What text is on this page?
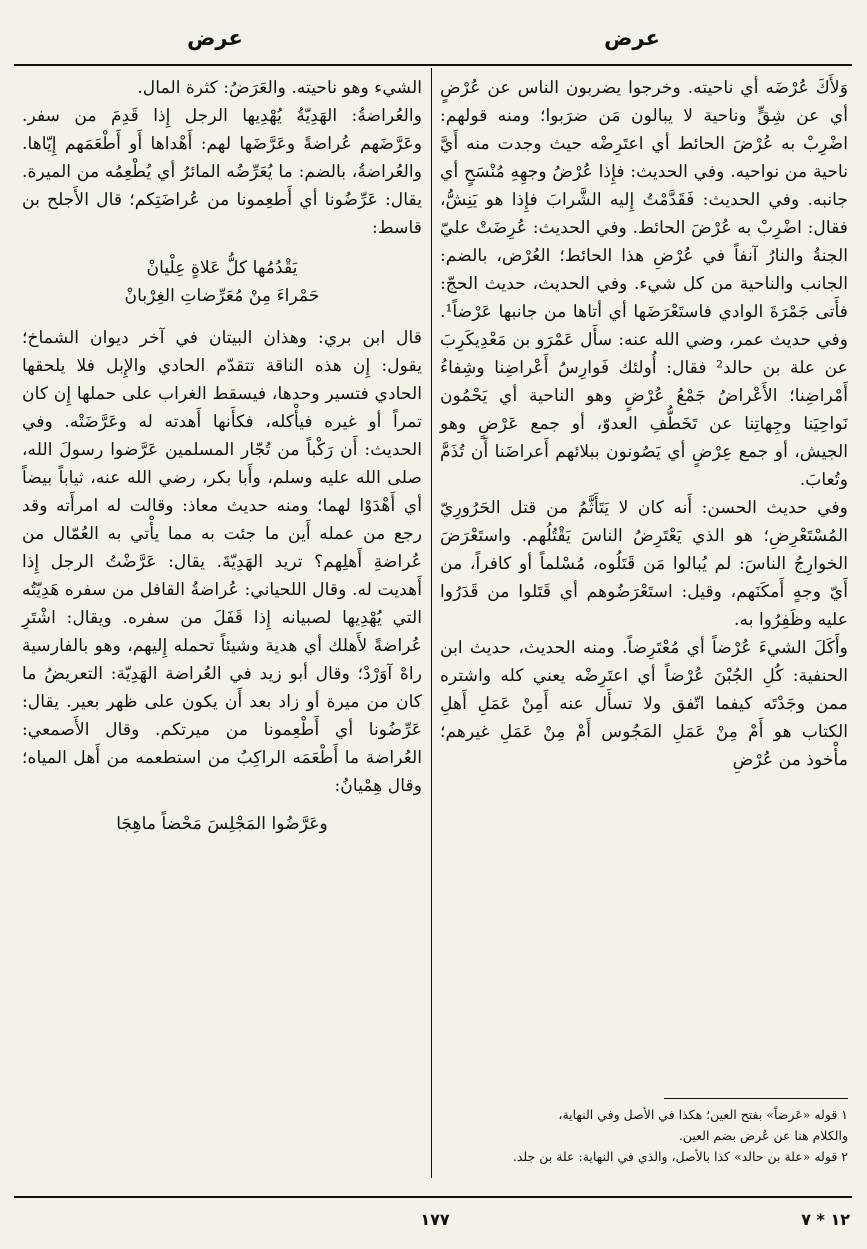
عرض
عرض

وَلأَكَ عُرْضَه أي ناحيته. وخرجوا يضربون الناس عن عُرْضٍ أي عن شِقٍّ وناحية لا يبالون مَن ضرَبوا؛ ومنه قولهم: اضْرِبْ به عُرْضَ الحائط أي اعتَرِضْه حيث وجدت منه أَيَّ ناحية من نواحيه. وفي الحديث: فإِذا عُرْضُ وجهِهِ مُنْسَحٍ أي جانبه. وفي الحديث: فَقَدَّمْتُ إِليه الشَّرابَ فإِذا هو يَنِشُّ، فقال: اضْرِبْ به عُرْضَ الحائط. وفي الحديث: عُرِضَتْ عليّ الجنةُ والنارُ آنفاً في عُرْضِ هذا الحائط؛ العُرْض، بالضم: الجانب والناحية من كل شيء. وفي الحديث، حديث الحجّ: فأَتى جَمْرَةَ الوادي فاستَعْرَضَها أي أتاها من جانبها عَرْضاً¹. وفي حديث عمر، وضي الله عنه: سأَل عَمْرَو بن مَعْدِيكَرِبَ عن علة بن حالد² فقال: أُولئك فَوارِسُ أَعْراضِنا وشِفاءُ أَمْراضِنا؛ الأَعْراضُ جَمْعُ عُرْضٍ وهو الناحية أي يَحْمُون نَواحِيَنا وجِهاتِنا عن تَخَطُّفِ العدوّ، أو جمع عَرْضٍ وهو الجيش، أو جمع عِرْضٍ أي يَصُونون ببلائهم أَعراضَنا أَن تُذَمَّ وتُعابَ.

وفي حديث الحسن: أَنه كان لا يَتَأَثَّمُ من قتل الحَرُورِيّ المُسْتَعْرِضِ؛ هو الذي يَعْتَرِضُ الناسَ يَقْتُلُهم. واستَعْرَضَ الخوارِجُ الناسَ: لم يُبالوا مَن قَتَلُوه، مُسْلماً أو كافراً، من أَيّ وجهٍ أَمكَنَهم، وقيل: استَعْرَضُوهم أي قَتَلوا من قَدَرُوا عليه وظَفِرُوا به.

وأَكَلَ الشيءَ عُرْضاً أي مُعْتَرِضاً. ومنه الحديث، حديث ابن الحنفية: كُلِ الجُبْنَ عُرْضاً أي اعتَرِضْه يعني كله واشتره ممن وجَدْتَه كيفما اتّفق ولا تسأَل عنه أَمِنْ عَمَلِ أَهلِ الكتاب هو أَمْ مِنْ عَمَلِ المَجُوس أَمْ مِنْ عَمَلِ غيرهم؛ مأْخوذ من عُرْضِ

١ قوله «عَرضاً» بفتح العين؛ هكذا في الأصل وفي النهاية،
والكلام هنا عن عُرض بضم العين.
٢ قوله «علة بن حالد» كذا بالأصل، والذي في النهاية: علة بن جلد.

الشيء وهو ناحيته. والعَرَضُ: كثرة المال.

والعُراضةُ: الهَدِيّةُ يُهْدِيها الرجل إِذا قَدِمَ من سفر. وعَرَّضَهم عُراضةً وعَرَّضَها لهم: أَهْداها أَو أَطْعَمَهم إِيّاها. والعُراضةُ، بالضم: ما يُعَرِّضُه المائرُ أي يُطْعِمُه من الميرة. يقال: عَرِّضُونا أي أَطعِمونا من عُراضَتِكم؛ قال الأَجلح بن قاسط:

يَقْدُمُها كلُّ عَلاةٍ عِلْيانْ
حَمْراءَ مِنْ مُعَرِّضاتِ الغِرْبانْ

قال ابن بري: وهذان البيتان في آخر ديوان الشماخ؛ يقول: إِن هذه الناقة تتقدّم الحادي والإِبل فلا يلحقها الحادي فتسير وحدها، فيسقط الغراب على حملها إِن كان تمراً أو غيره فيأْكله، فكأَنها أَهدته له وعَرَّضَتْه. وفي الحديث: أَن رَكْباً من تُجّار المسلمين عَرَّضوا رسولَ الله، صلى الله عليه وسلم، وأَبا بكر، رضي الله عنه، ثياباً بيضاً أي أَهْدَوْا لهما؛ ومنه حديث معاذ: وقالت له امرأَته وقد رجع من عمله أَين ما جئت به مما يأْتي به العُمّال من عُراضةِ أَهلِهم؟ تريد الهَدِيّةَ. يقال: عَرَّضْتُ الرجل إِذا أَهديت له. وقال اللحياني: عُراضةُ القافل من سفره هَدِيّتُه التي يُهْدِيها لصبيانه إِذا قَفَلَ من سفره. ويقال: اشْتَرِ عُراضةً لأَهلك أي هدية وشيئاً تحمله إِليهم، وهو بالفارسية راهْ آوَرْدْ؛ وقال أبو زيد في العُراضة الهَدِيّة: التعريضُ ما كان من ميرة أو زاد بعد أَن يكون على ظهر بعير. يقال: عَرِّضُونا أي أَطْعِمونا من ميرتكم. وقال الأَصمعي: العُراضة ما أَطْعَمَه الراكِبُ من استطعمه من أَهل المياه؛ وقال هِمْيانُ:

وعَرَّضُوا المَجْلِسَ مَحْضاً ماهِجَا
١٧٧	١٢ * ٧
